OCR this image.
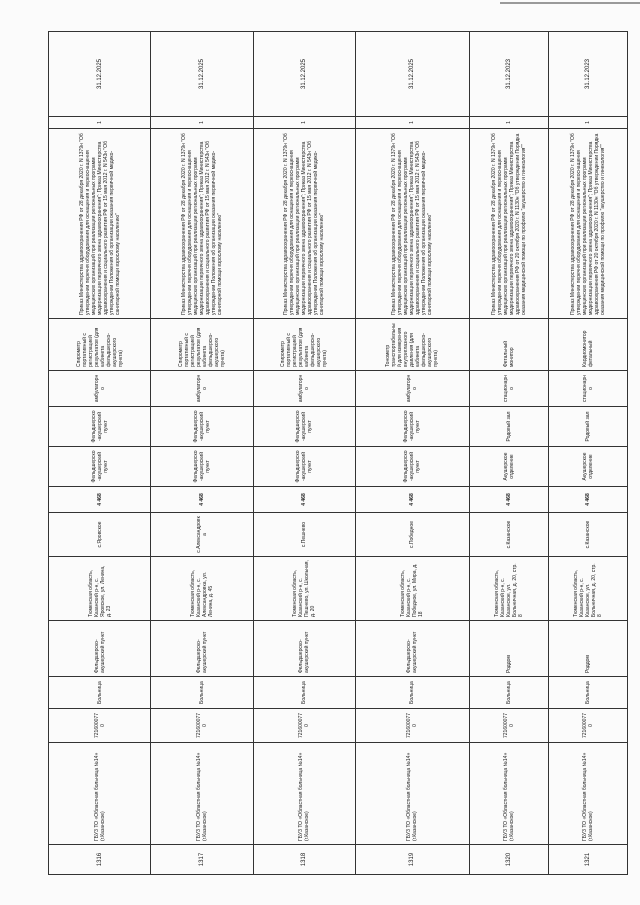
1316	ГБУЗ ТО «Областная больница №14» (г.Казанское)	7216000770	Больница	Фельдшерско-акушерский пункт	Тюменская область, Казанский р-н, с. Яровское, ул. Ленина, д. 23	с.Яровское	4 468	Фельдшерско-акушерский пункт	Фельдшерско-акушерский пункт	амбулаторно	Спирометр портативный с регистрацией результатов (для кабинета фельдшерско-акушерского пункта)	Приказ Министерства здравоохранения РФ от 28 декабря 2020 г. N 1379н "Об утверждении перечня оборудования для оснащения и переоснащения медицинских организаций при реализации региональных программ модернизации первичного звена здравоохранения"; Приказ Министерства здравоохранения и социального развития РФ от 15 мая 2012 г. N 543н "Об утверждении Положения об организации оказания первичной медико-санитарной помощи взрослому населению"	1	31.12.2025
1317	ГБУЗ ТО «Областная больница №14» (г.Казанское)	7216000770	Больница	Фельдшерско-акушерский пункт	Тюменская область, Казанский р-н, с. Александровка, ул. Ленина, д. 45	с.Александровка	4 468	Фельдшерско-акушерский пункт	Фельдшерско-акушерский пункт	амбулаторно	Спирометр портативный с регистрацией результатов (для кабинета фельдшерско-акушерского пункта)	Приказ Министерства здравоохранения РФ от 28 декабря 2020 г. N 1379н "Об утверждении перечня оборудования для оснащения и переоснащения медицинских организаций при реализации региональных программ модернизации первичного звена здравоохранения"; Приказ Министерства здравоохранения и социального развития РФ от 15 мая 2012 г. N 543н "Об утверждении Положения об организации оказания первичной медико-санитарной помощи взрослому населению"	1	31.12.2025
1318	ГБУЗ ТО «Областная больница №14» (г.Казанское)	7216000770	Больница	Фельдшерско-акушерский пункт	Тюменская область, Казанский р-н, с. Пешнево, ул. Школьная, д. 20	с.Пешнево	4 468	Фельдшерско-акушерский пункт	Фельдшерско-акушерский пункт	амбулаторно	Спирометр портативный с регистрацией результатов (для кабинета фельдшерско-акушерского пункта)	Приказ Министерства здравоохранения РФ от 28 декабря 2020 г. N 1379н "Об утверждении перечня оборудования для оснащения и переоснащения медицинских организаций при реализации региональных программ модернизации первичного звена здравоохранения"; Приказ Министерства здравоохранения и социального развития РФ от 15 мая 2012 г. N 543н "Об утверждении Положения об организации оказания первичной медико-санитарной помощи взрослому населению"	1	31.12.2025
1319	ГБУЗ ТО «Областная больница №14» (г.Казанское)	7216000770	Больница	Фельдшерско-акушерский пункт	Тюменская область, Казанский р-н, с. Победное, ул. Мира, д. 18	с.Победное	4 468	Фельдшерско-акушерский пункт	Фельдшерско-акушерский пункт	амбулаторно	Тонометр транспортабельный для измерения внутриглазного давления (для кабинета фельдшерско-акушерского пункта)	Приказ Министерства здравоохранения РФ от 28 декабря 2020 г. N 1379н "Об утверждении перечня оборудования для оснащения и переоснащения медицинских организаций при реализации региональных программ модернизации первичного звена здравоохранения"; Приказ Министерства здравоохранения и социального развития РФ от 15 мая 2012 г. N 543н "Об утверждении Положения об организации оказания первичной медико-санитарной помощи взрослому населению"	1	31.12.2025
1320	ГБУЗ ТО «Областная больница №14» (г.Казанское)	7216000770	Больница	Роддом	Тюменская область, Казанский р-н, с. Казанское, ул. Больничная, д. 20, стр. 8	с.Казанское	4 468	Акушерское отделение	Родовый зал	стационарно	Фетальный монитор	Приказ Министерства здравоохранения РФ от 28 декабря 2020 г. N 1379н "Об утверждении перечня оборудования для оснащения и переоснащения медицинских организаций при реализации региональных программ модернизации первичного звена здравоохранения"; Приказ Министерства здравоохранения РФ от 20 октября 2020 г. N 1130н "Об утверждении Порядка оказания медицинской помощи по профилю "акушерство и гинекология""	1	31.12.2023
1321	ГБУЗ ТО «Областная больница №14» (г.Казанское)	7216000770	Больница	Роддом	Тюменская область, Казанский р-н, с. Казанское, ул. Больничная, д. 20, стр. 8	с.Казанское	4 468	Акушерское отделение	Родовый зал	стационарно	Кардиомонитор фетальный	Приказ Министерства здравоохранения РФ от 28 декабря 2020 г. N 1379н "Об утверждении перечня оборудования для оснащения и переоснащения медицинских организаций при реализации региональных программ модернизации первичного звена здравоохранения"; Приказ Министерства здравоохранения РФ от 20 октября 2020 г. N 1130н "Об утверждении Порядка оказания медицинской помощи по профилю "акушерство и гинекология""	1	31.12.2023
